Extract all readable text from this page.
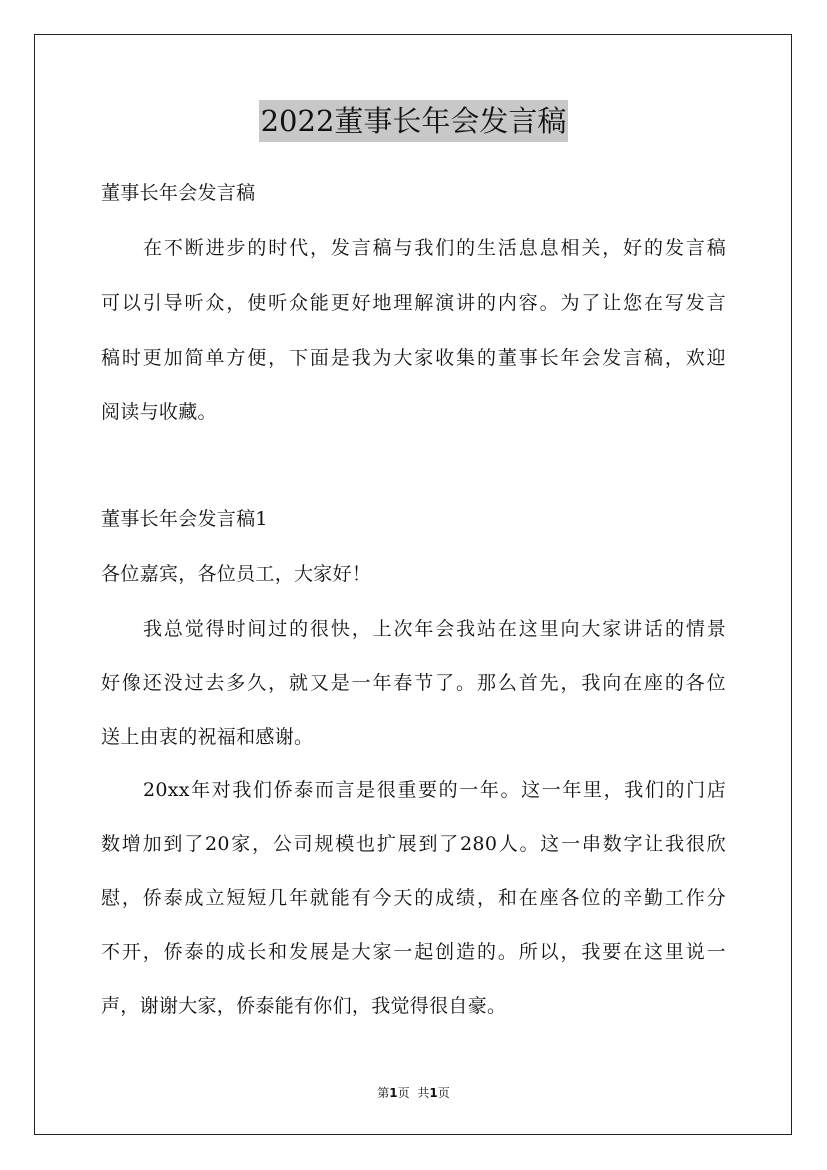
2022董事长年会发言稿
董事长年会发言稿
在不断进步的时代，发言稿与我们的生活息息相关，好的发言稿
可以引导听众，使听众能更好地理解演讲的内容。为了让您在写发言
稿时更加简单方便，下面是我为大家收集的董事长年会发言稿，欢迎
阅读与收藏。
董事长年会发言稿1
各位嘉宾，各位员工，大家好！
我总觉得时间过的很快，上次年会我站在这里向大家讲话的情景
好像还没过去多久，就又是一年春节了。那么首先，我向在座的各位
送上由衷的祝福和感谢。
20xx年对我们侨泰而言是很重要的一年。这一年里，我们的门店
数增加到了20家，公司规模也扩展到了280人。这一串数字让我很欣
慰，侨泰成立短短几年就能有今天的成绩，和在座各位的辛勤工作分
不开，侨泰的成长和发展是大家一起创造的。所以，我要在这里说一
声，谢谢大家，侨泰能有你们，我觉得很自豪。
第1页 共1页
